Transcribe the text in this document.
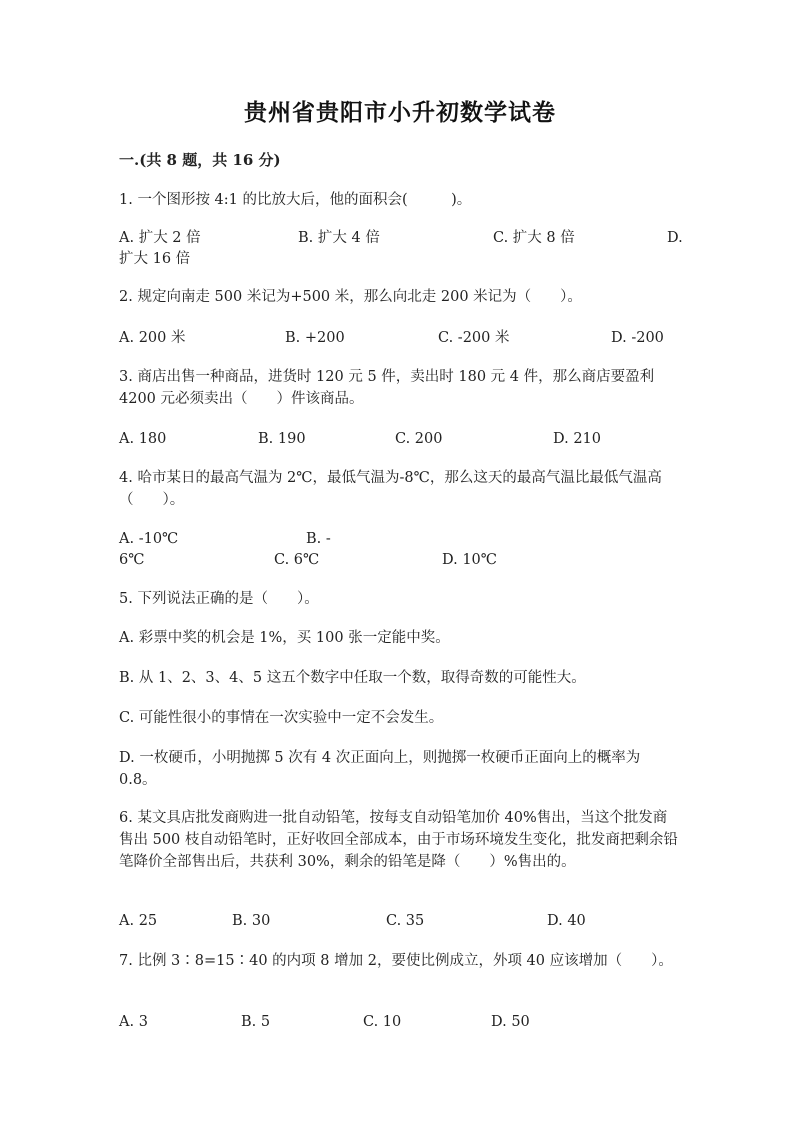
贵州省贵阳市小升初数学试卷

一.(共 8 题，共 16 分)

1. 一个图形按 4:1 的比放大后，他的面积会(　　　)。

A. 扩大 2 倍	B. 扩大 4 倍	C. 扩大 8 倍	D.
扩大 16 倍

2. 规定向南走 500 米记为+500 米，那么向北走 200 米记为（　　）。

A. 200 米	B. +200	C. -200 米	D. -200

3. 商店出售一种商品，进货时 120 元 5 件，卖出时 180 元 4 件，那么商店要盈利 4200 元必须卖出（　　）件该商品。

A. 180	B. 190	C. 200	D. 210

4. 哈市某日的最高气温为 2℃，最低气温为-8℃，那么这天的最高气温比最低气温高（　　）。

A. -10℃	B. -
6℃	C. 6℃	D. 10℃

5. 下列说法正确的是（　　）。

A. 彩票中奖的机会是 1%，买 100 张一定能中奖。

B. 从 1、2、3、4、5 这五个数字中任取一个数，取得奇数的可能性大。

C. 可能性很小的事情在一次实验中一定不会发生。

D. 一枚硬币，小明抛掷 5 次有 4 次正面向上，则抛掷一枚硬币正面向上的概率为 0.8。

6. 某文具店批发商购进一批自动铅笔，按每支自动铅笔加价 40%售出，当这个批发商售出 500 枝自动铅笔时，正好收回全部成本，由于市场环境发生变化，批发商把剩余铅笔降价全部售出后，共获利 30%，剩余的铅笔是降（　　）%售出的。

A. 25	B. 30	C. 35	D. 40

7. 比例 3∶8=15∶40 的内项 8 增加 2，要使比例成立，外项 40 应该增加（　　）。

A. 3	B. 5	C. 10	D. 50
